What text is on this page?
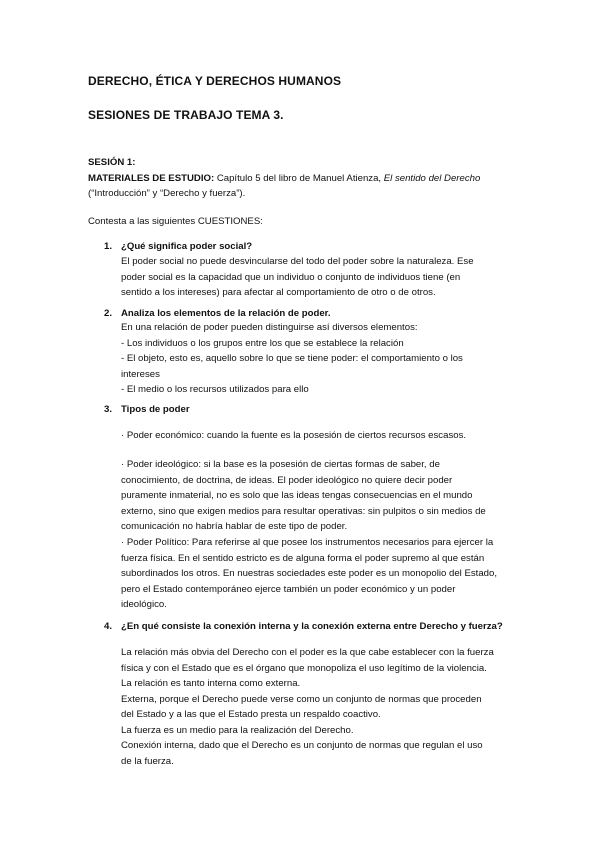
DERECHO, ÉTICA Y DERECHOS HUMANOS
SESIONES DE TRABAJO TEMA 3.
SESIÓN 1:
MATERIALES DE ESTUDIO: Capítulo 5 del libro de Manuel Atienza, El sentido del Derecho
(“Introducción” y “Derecho y fuerza”).
Contesta a las siguientes CUESTIONES:
1. ¿Qué significa poder social?
El poder social no puede desvincularse del todo del poder sobre la naturaleza. Ese
poder social es la capacidad que un individuo o conjunto de individuos tiene (en
sentido a los intereses) para afectar al comportamiento de otro o de otros.
2. Analiza los elementos de la relación de poder.
En una relación de poder pueden distinguirse así diversos elementos:
- Los individuos o los grupos entre los que se establece la relación
- El objeto, esto es, aquello sobre lo que se tiene poder: el comportamiento o los
intereses
- El medio o los recursos utilizados para ello
3. Tipos de poder
· Poder económico: cuando la fuente es la posesión de ciertos recursos escasos.
· Poder ideológico: si la base es la posesión de ciertas formas de saber, de
conocimiento, de doctrina, de ideas. El poder ideológico no quiere decir poder
puramente inmaterial, no es solo que las ideas tengas consecuencias en el mundo
externo, sino que exigen medios para resultar operativas: sin pulpitos o sin medios de
comunicación no habría hablar de este tipo de poder.
· Poder Político: Para referirse al que posee los instrumentos necesarios para ejercer la
fuerza física. En el sentido estricto es de alguna forma el poder supremo al que están
subordinados los otros. En nuestras sociedades este poder es un monopolio del Estado,
pero el Estado contemporáneo ejerce también un poder económico y un poder
ideológico.
4. ¿En qué consiste la conexión interna y la conexión externa entre Derecho y fuerza?
La relación más obvia del Derecho con el poder es la que cabe establecer con la fuerza
física y con el Estado que es el órgano que monopoliza el uso legítimo de la violencia.
La relación es tanto interna como externa.
Externa, porque el Derecho puede verse como un conjunto de normas que proceden
del Estado y a las que el Estado presta un respaldo coactivo.
La fuerza es un medio para la realización del Derecho.
Conexión interna, dado que el Derecho es un conjunto de normas que regulan el uso
de la fuerza.
